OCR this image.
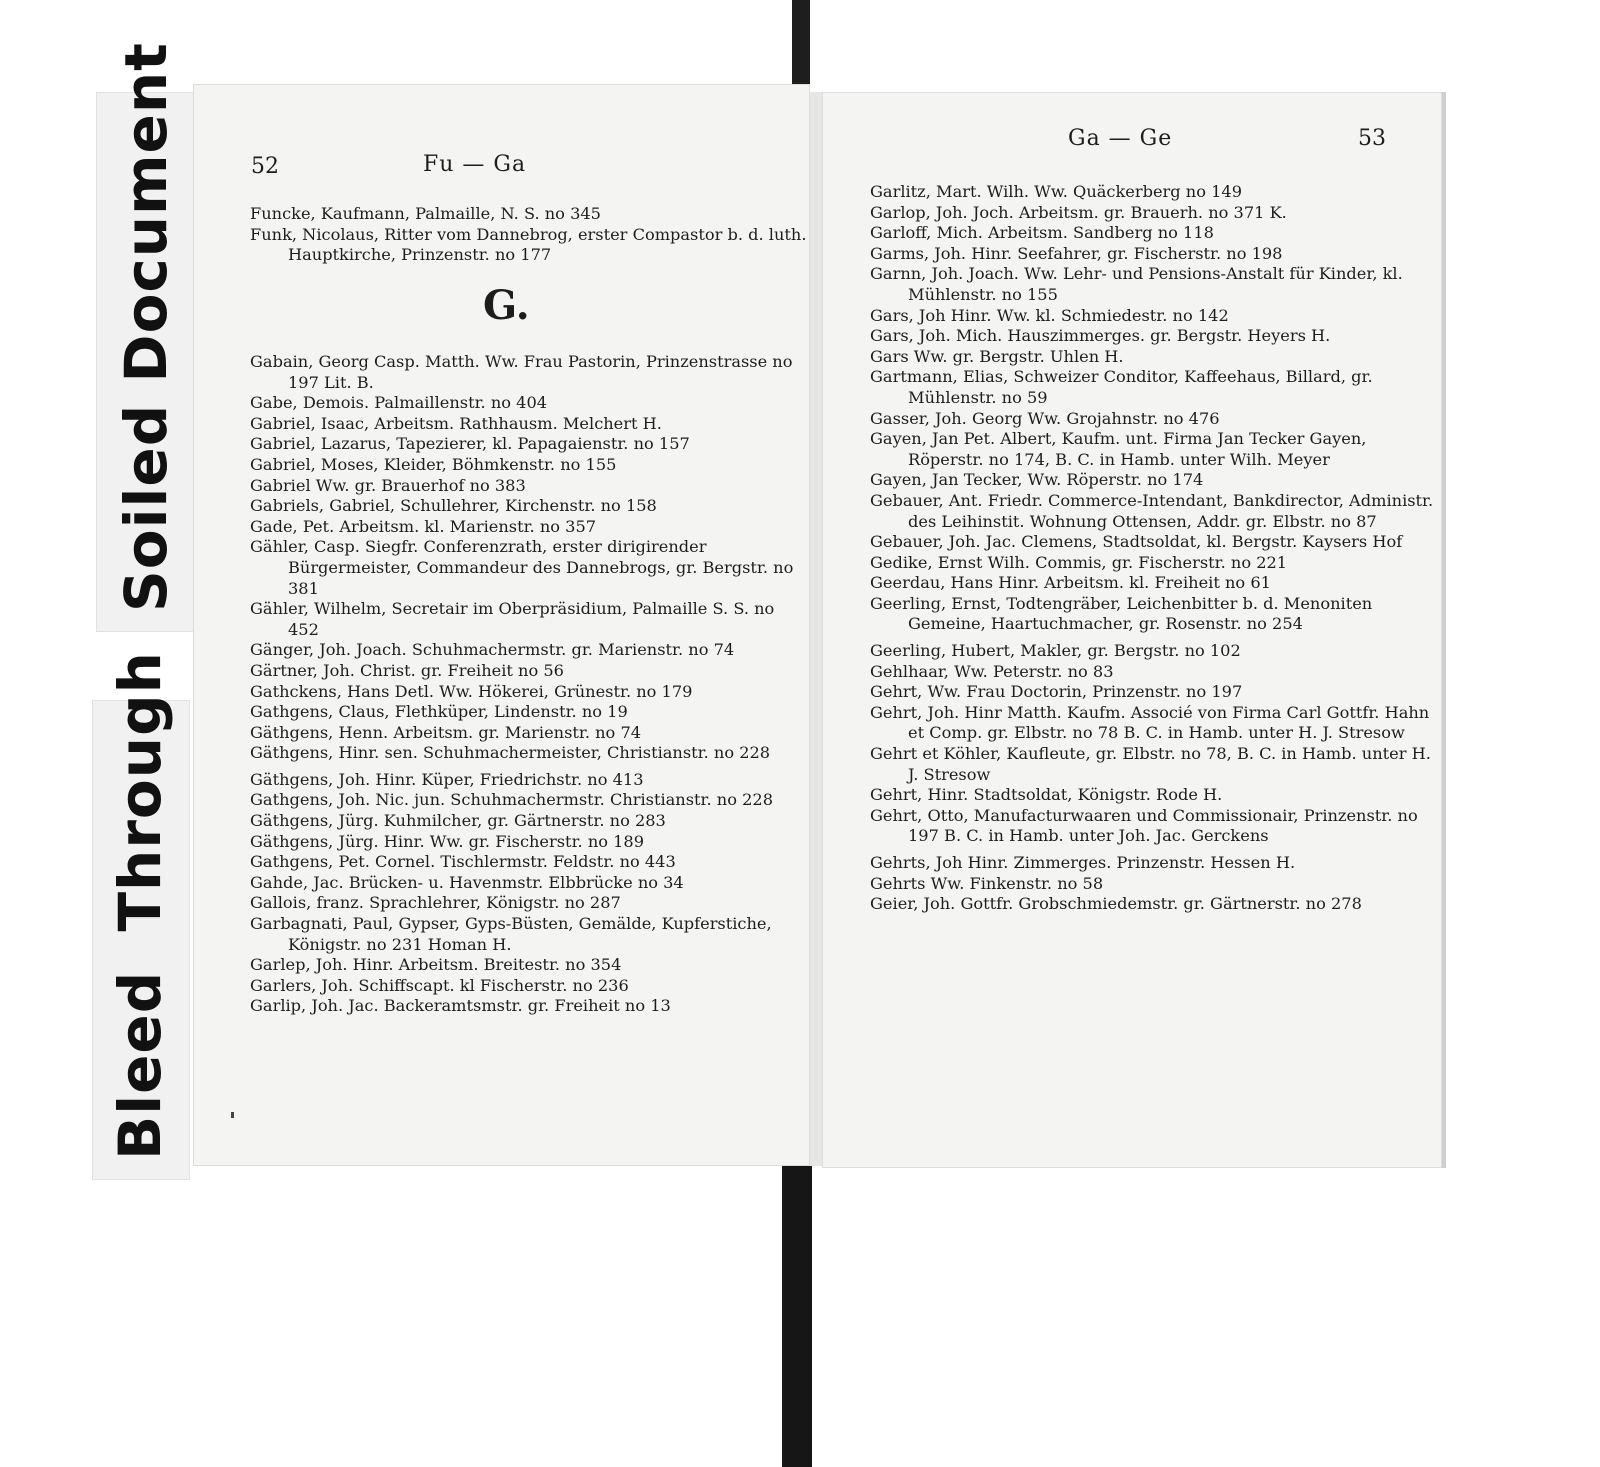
Soiled Document
Bleed Through
52	Fu — Ga
Funcke, Kaufmann, Palmaille, N. S. no 345
Funk, Nicolaus, Ritter vom Dannebrog, erster Compastor b. d. luth. Hauptkirche, Prinzenstr. no 177
G.
Gabain, Georg Casp. Matth. Ww. Frau Pastorin, Prinzenstrasse no 197 Lit. B.
Gabe, Demois. Palmaillenstr. no 404
Gabriel, Isaac, Arbeitsm. Rathhausm. Melchert H.
Gabriel, Lazarus, Tapezierer, kl. Papagaienstr. no 157
Gabriel, Moses, Kleider, Böhmkenstr. no 155
Gabriel Ww. gr. Brauerhof no 383
Gabriels, Gabriel, Schullehrer, Kirchenstr. no 158
Gade, Pet. Arbeitsm. kl. Marienstr. no 357
Gähler, Casp. Siegfr. Conferenzrath, erster dirigirender Bürgermeister, Commandeur des Dannebrogs, gr. Bergstr. no 381
Gähler, Wilhelm, Secretair im Oberpräsidium, Palmaille S. S. no 452
Gänger, Joh. Joach. Schuhmachermstr. gr. Marienstr. no 74
Gärtner, Joh. Christ. gr. Freiheit no 56
Gathckens, Hans Detl. Ww. Hökerei, Grünestr. no 179
Gathgens, Claus, Flethküper, Lindenstr. no 19
Gäthgens, Henn. Arbeitsm. gr. Marienstr. no 74
Gäthgens, Hinr. sen. Schuhmachermeister, Christianstr. no 228
Gäthgens, Joh. Hinr. Küper, Friedrichstr. no 413
Gathgens, Joh. Nic. jun. Schuhmachermstr. Christianstr. no 228
Gäthgens, Jürg. Kuhmilcher, gr. Gärtnerstr. no 283
Gäthgens, Jürg. Hinr. Ww. gr. Fischerstr. no 189
Gathgens, Pet. Cornel. Tischlermstr. Feldstr. no 443
Gahde, Jac. Brücken- u. Havenmstr. Elbbrücke no 34
Gallois, franz. Sprachlehrer, Königstr. no 287
Garbagnati, Paul, Gypser, Gyps-Büsten, Gemälde, Kupferstiche, Königstr. no 231 Homan H.
Garlep, Joh. Hinr. Arbeitsm. Breitestr. no 354
Garlers, Joh. Schiffscapt. kl Fischerstr. no 236
Garlip, Joh. Jac. Backeramtsmstr. gr. Freiheit no 13
Ga — Ge	53
Garlitz, Mart. Wilh. Ww. Quäckerberg no 149
Garlop, Joh. Joch. Arbeitsm. gr. Brauerh. no 371 K.
Garloff, Mich. Arbeitsm. Sandberg no 118
Garms, Joh. Hinr. Seefahrer, gr. Fischerstr. no 198
Garnn, Joh. Joach. Ww. Lehr- und Pensions-Anstalt für Kinder, kl. Mühlenstr. no 155
Gars, Joh Hinr. Ww. kl. Schmiedestr. no 142
Gars, Joh. Mich. Hauszimmerges. gr. Bergstr. Heyers H.
Gars Ww. gr. Bergstr. Uhlen H.
Gartmann, Elias, Schweizer Conditor, Kaffeehaus, Billard, gr. Mühlenstr. no 59
Gasser, Joh. Georg Ww. Grojahnstr. no 476
Gayen, Jan Pet. Albert, Kaufm. unt. Firma Jan Tecker Gayen, Röperstr. no 174, B. C. in Hamb. unter Wilh. Meyer
Gayen, Jan Tecker, Ww. Röperstr. no 174
Gebauer, Ant. Friedr. Commerce-Intendant, Bankdirector, Administr. des Leihinstit. Wohnung Ottensen, Addr. gr. Elbstr. no 87
Gebauer, Joh. Jac. Clemens, Stadtsoldat, kl. Bergstr. Kaysers Hof
Gedike, Ernst Wilh. Commis, gr. Fischerstr. no 221
Geerdau, Hans Hinr. Arbeitsm. kl. Freiheit no 61
Geerling, Ernst, Todtengräber, Leichenbitter b. d. Menoniten Gemeine, Haartuchmacher, gr. Rosenstr. no 254
Geerling, Hubert, Makler, gr. Bergstr. no 102
Gehlhaar, Ww. Peterstr. no 83
Gehrt, Ww. Frau Doctorin, Prinzenstr. no 197
Gehrt, Joh. Hinr Matth. Kaufm. Associé von Firma Carl Gottfr. Hahn et Comp. gr. Elbstr. no 78 B. C. in Hamb. unter H. J. Stresow
Gehrt et Köhler, Kaufleute, gr. Elbstr. no 78, B. C. in Hamb. unter H. J. Stresow
Gehrt, Hinr. Stadtsoldat, Königstr. Rode H.
Gehrt, Otto, Manufacturwaaren und Commissionair, Prinzenstr. no 197 B. C. in Hamb. unter Joh. Jac. Gerckens
Gehrts, Joh Hinr. Zimmerges. Prinzenstr. Hessen H.
Gehrts Ww. Finkenstr. no 58
Geier, Joh. Gottfr. Grobschmiedemstr. gr. Gärtnerstr. no 278
